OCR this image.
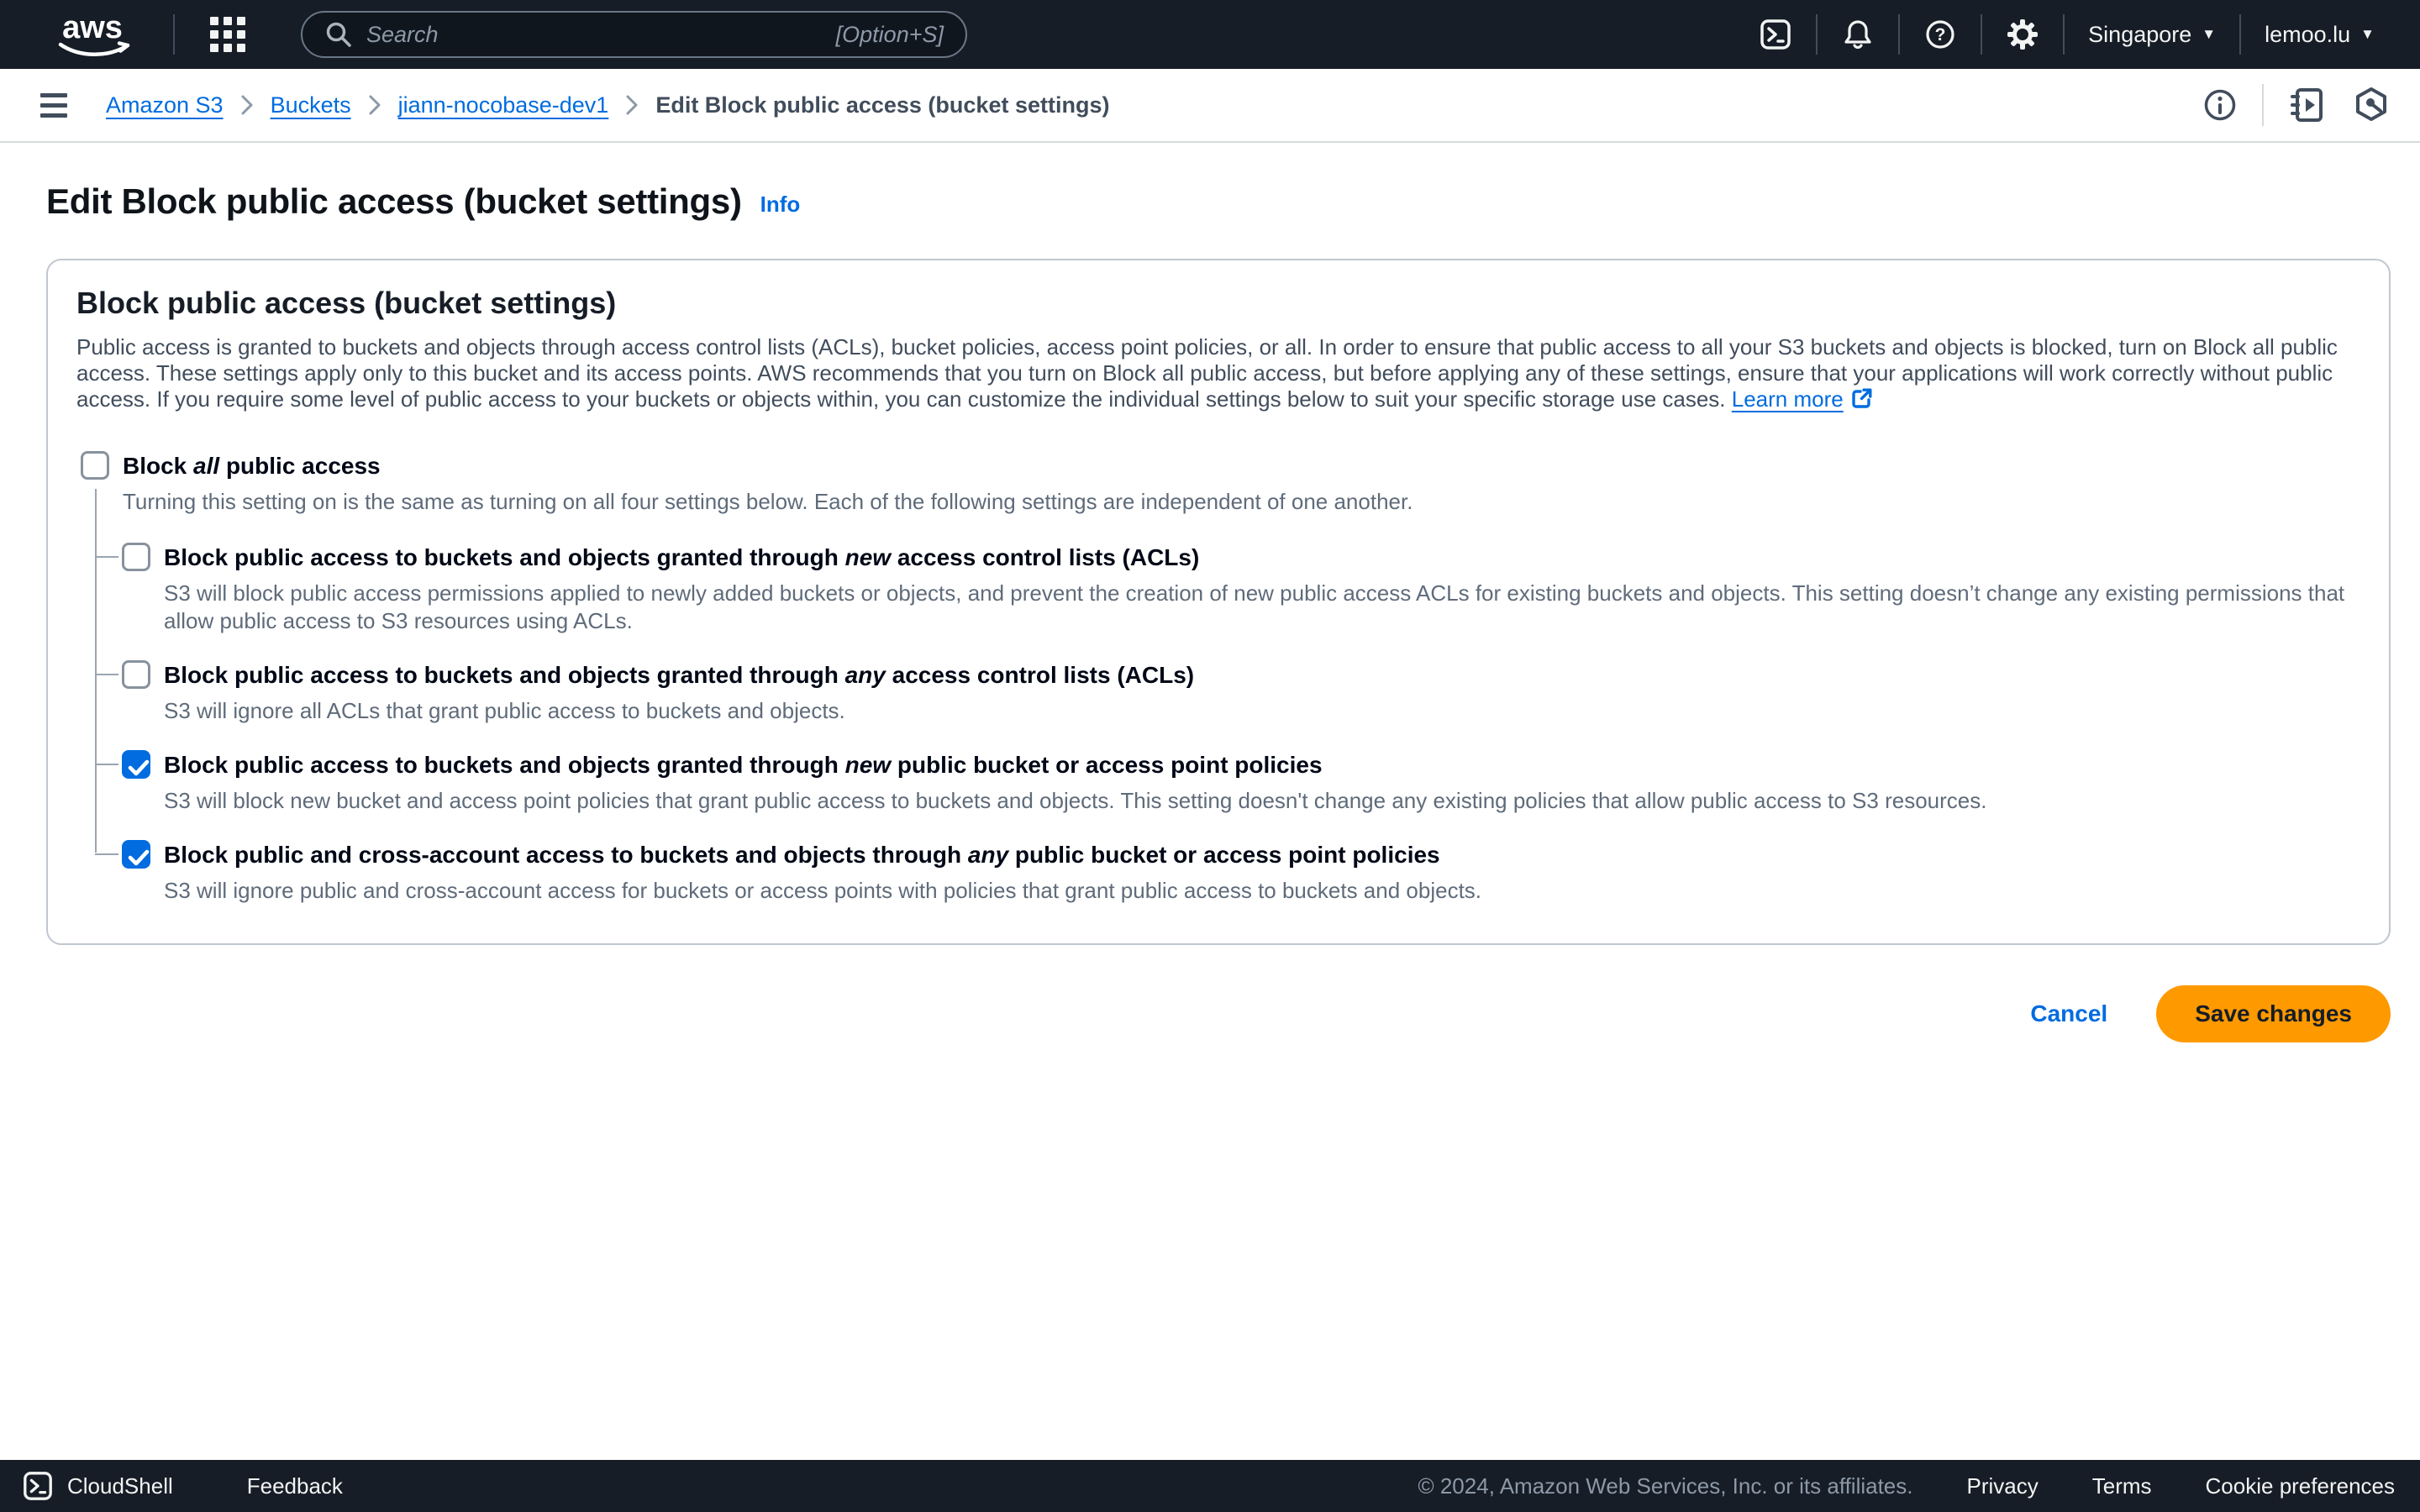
aws
Search	[Option+S]	?	Singapore ▼ lemoo.lu ▼
Amazon S3 Buckets jiann-nocobase-dev1 Edit Block public access (bucket settings)
Edit Block public access (bucket settings) Info
Block public access (bucket settings)

Public access is granted to buckets and objects through access control lists (ACLs), bucket policies, access point policies, or all. In order to ensure that public access to all your S3 buckets and objects is blocked, turn on Block all public access. These settings apply only to this bucket and its access points. AWS recommends that you turn on Block all public access, but before applying any of these settings, ensure that your applications will work correctly without public access. If you require some level of public access to your buckets or objects within, you can customize the individual settings below to suit your specific storage use cases. Learn more

Block all public access
Turning this setting on is the same as turning on all four settings below. Each of the following settings are independent of one another.
Block public access to buckets and objects granted through new access control lists (ACLs)
S3 will block public access permissions applied to newly added buckets or objects, and prevent the creation of new public access ACLs for existing buckets and objects. This setting doesn’t change any existing permissions that allow public access to S3 resources using ACLs.
Block public access to buckets and objects granted through any access control lists (ACLs)
S3 will ignore all ACLs that grant public access to buckets and objects.
Block public access to buckets and objects granted through new public bucket or access point policies
S3 will block new bucket and access point policies that grant public access to buckets and objects. This setting doesn't change any existing policies that allow public access to S3 resources.
Block public and cross-account access to buckets and objects through any public bucket or access point policies
S3 will ignore public and cross-account access for buckets or access points with policies that grant public access to buckets and objects.
Cancel	Save changes
CloudShell	Feedback	© 2024, Amazon Web Services, Inc. or its affiliates. Privacy Terms Cookie preferences
